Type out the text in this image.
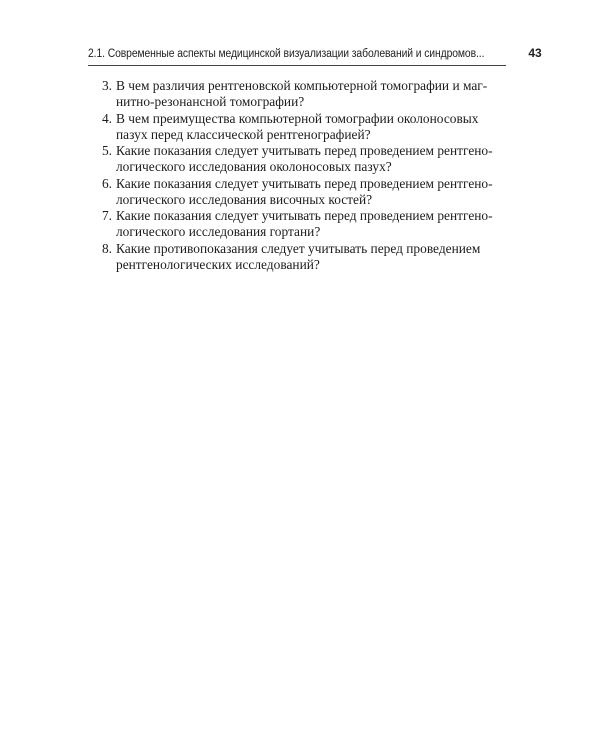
2.1. Современные аспекты медицинской визуализации заболеваний и синдромов...	43
3. В чем различия рентгеновской компьютерной томографии и маг-
нитно-резонансной томографии?
4. В чем преимущества компьютерной томографии околоносовых
пазух перед классической рентгенографией?
5. Какие показания следует учитывать перед проведением рентгено-
логического исследования околоносовых пазух?
6. Какие показания следует учитывать перед проведением рентгено-
логического исследования височных костей?
7. Какие показания следует учитывать перед проведением рентгено-
логического исследования гортани?
8. Какие противопоказания следует учитывать перед проведением
рентгенологических исследований?
